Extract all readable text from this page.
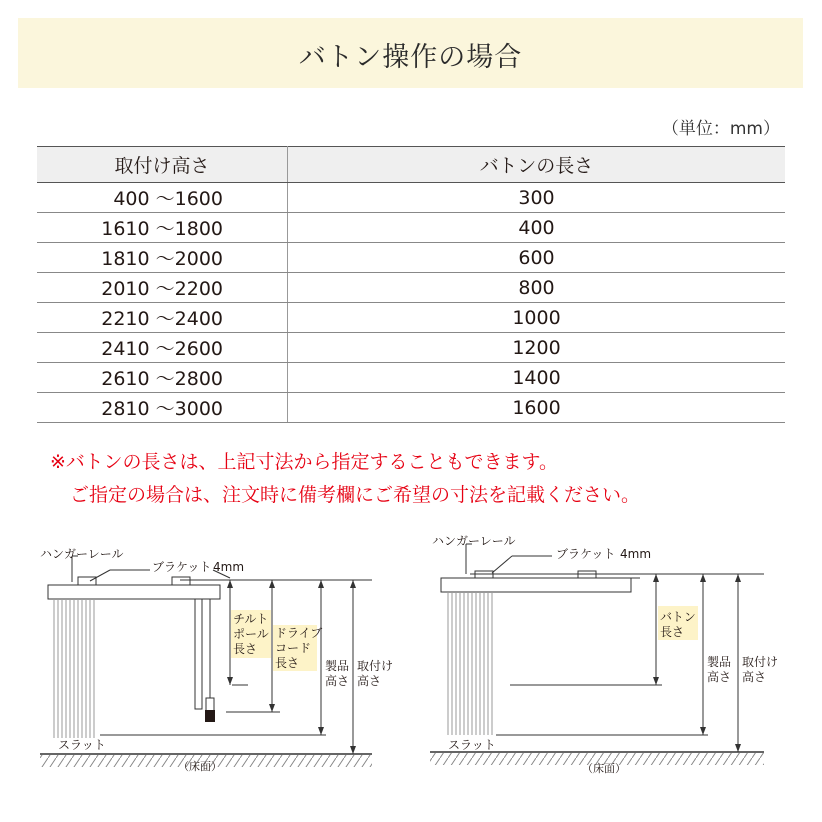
バトン操作の場合
（単位：mm）
取付け高さ	バトンの長さ
400 〜1600	300
1610 〜1800	400
1810 〜2000	600
2010 〜2200	800
2210 〜2400	1000
2410 〜2600	1200
2610 〜2800	1400
2810 〜3000	1600
※バトンの長さは、上記寸法から指定することもできます。
ご指定の場合は、注文時に備考欄にご希望の寸法を記載ください。
ハンガーレール
ブラケット 4mm
チルト
ポール
長さ
ドライブ
コード
長さ 製品
高さ
取付け
高さ
スラット
（床面）
ハンガーレール
ブラケット 4mm
バトン
長さ
製品
高さ
取付け
高さ
スラット
（床面）
